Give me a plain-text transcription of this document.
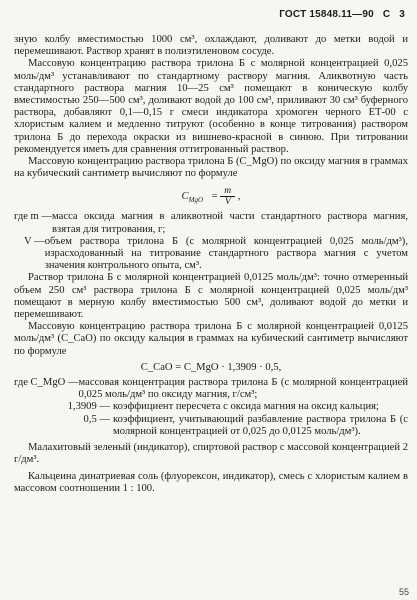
ГОСТ 15848.11—90 С 3

зную колбу вместимостью 1000 см³, охлаждают, доливают до метки водой и перемешивают. Раствор хранят в полиэтиленовом сосуде.

Массовую концентрацию раствора трилона Б с молярной концентрацией 0,025 моль/дм³ устанавливают по стандартному раствору магния. Аликвотную часть стандартного раствора магния 10—25 см³ помещают в коническую колбу вместимостью 250—500 см³, доливают водой до 100 см³, приливают 30 см³ буферного раствора, добавляют 0,1—0,15 г смеси индикатора хромоген черного ЕТ-00 с хлористым калием и медленно титруют (особенно в конце титрования) раствором трилона Б до перехода окраски из вишнево-красной в синюю. При титровании рекомендуется иметь для сравнения оттитрованный раствор.

Массовую концентрацию раствора трилона Б (C_MgO) по оксиду магния в граммах на кубический сантиметр вычисляют по формуле

$C_{MgO} = \frac{m}{V}$ ,
где m — масса оксида магния в аликвотной части стандартного раствора магния, взятая для титрования, г;
V — объем раствора трилона Б (с молярной концентрацией 0,025 моль/дм³), израсходованный на титрование стандартного раствора магния с учетом значения контрольного опыта, см³.

Раствор трилона Б с молярной концентрацией 0,0125 моль/дм³: точно отмеренный объем 250 см³ раствора трилона Б с молярной концентрацией 0,025 моль/дм³ помещают в мерную колбу вместимостью 500 см³, доливают водой до метки и перемешивают.

Массовую концентрацию раствора трилона Б с молярной концентрацией 0,0125 моль/дм³ (C_CaO) по оксиду кальция в граммах на кубический сантиметр вычисляют по формуле

C_CaO = C_MgO · 1,3909 · 0,5,
где C_MgO — массовая концентрация раствора трилона Б (с молярной концентрацией 0,025 моль/дм³ по оксиду магния, г/см³;
1,3909 — коэффициент пересчета с оксида магния на оксид кальция;
0,5 — коэффициент, учитывающий разбавление раствора трилона Б (с молярной концентрацией от 0,025 до 0,0125 моль/дм³).

Малахитовый зеленый (индикатор), спиртовой раствор с массовой концентрацией 2 г/дм³.

Кальцеина динатриевая соль (флуорексон, индикатор), смесь с хлористым калием в массовом соотношении 1 : 100.

55
